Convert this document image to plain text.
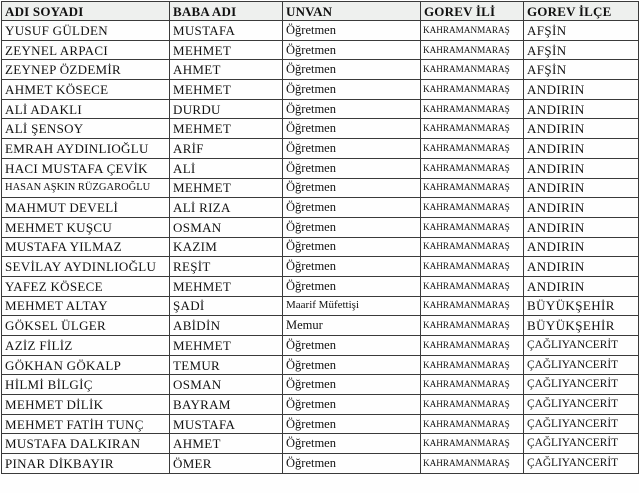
ADI SOYADI	BABA ADI	UNVAN	GOREV İLİ	GOREV İLÇE
YUSUF GÜLDEN	MUSTAFA	Öğretmen	KAHRAMANMARAŞ	AFŞİN
ZEYNEL ARPACI	MEHMET	Öğretmen	KAHRAMANMARAŞ	AFŞİN
ZEYNEP ÖZDEMİR	AHMET	Öğretmen	KAHRAMANMARAŞ	AFŞİN
AHMET KÖSECE	MEHMET	Öğretmen	KAHRAMANMARAŞ	ANDIRIN
ALİ ADAKLI	DURDU	Öğretmen	KAHRAMANMARAŞ	ANDIRIN
ALİ ŞENSOY	MEHMET	Öğretmen	KAHRAMANMARAŞ	ANDIRIN
EMRAH AYDINLIOĞLU	ARİF	Öğretmen	KAHRAMANMARAŞ	ANDIRIN
HACI MUSTAFA ÇEVİK	ALİ	Öğretmen	KAHRAMANMARAŞ	ANDIRIN
HASAN AŞKIN RÜZGAROĞLU	MEHMET	Öğretmen	KAHRAMANMARAŞ	ANDIRIN
MAHMUT DEVELİ	ALİ RIZA	Öğretmen	KAHRAMANMARAŞ	ANDIRIN
MEHMET KUŞCU	OSMAN	Öğretmen	KAHRAMANMARAŞ	ANDIRIN
MUSTAFA YILMAZ	KAZIM	Öğretmen	KAHRAMANMARAŞ	ANDIRIN
SEVİLAY AYDINLIOĞLU	REŞİT	Öğretmen	KAHRAMANMARAŞ	ANDIRIN
YAFEZ KÖSECE	MEHMET	Öğretmen	KAHRAMANMARAŞ	ANDIRIN
MEHMET ALTAY	ŞADİ	Maarif Müfettişi	KAHRAMANMARAŞ	BÜYÜKŞEHİR
GÖKSEL ÜLGER	ABİDİN	Memur	KAHRAMANMARAŞ	BÜYÜKŞEHİR
AZİZ FİLİZ	MEHMET	Öğretmen	KAHRAMANMARAŞ	ÇAĞLIYANCERİT
GÖKHAN GÖKALP	TEMUR	Öğretmen	KAHRAMANMARAŞ	ÇAĞLIYANCERİT
HİLMİ BİLGİÇ	OSMAN	Öğretmen	KAHRAMANMARAŞ	ÇAĞLIYANCERİT
MEHMET DİLİK	BAYRAM	Öğretmen	KAHRAMANMARAŞ	ÇAĞLIYANCERİT
MEHMET FATİH TUNÇ	MUSTAFA	Öğretmen	KAHRAMANMARAŞ	ÇAĞLIYANCERİT
MUSTAFA DALKIRAN	AHMET	Öğretmen	KAHRAMANMARAŞ	ÇAĞLIYANCERİT
PINAR DİKBAYIR	ÖMER	Öğretmen	KAHRAMANMARAŞ	ÇAĞLIYANCERİT
